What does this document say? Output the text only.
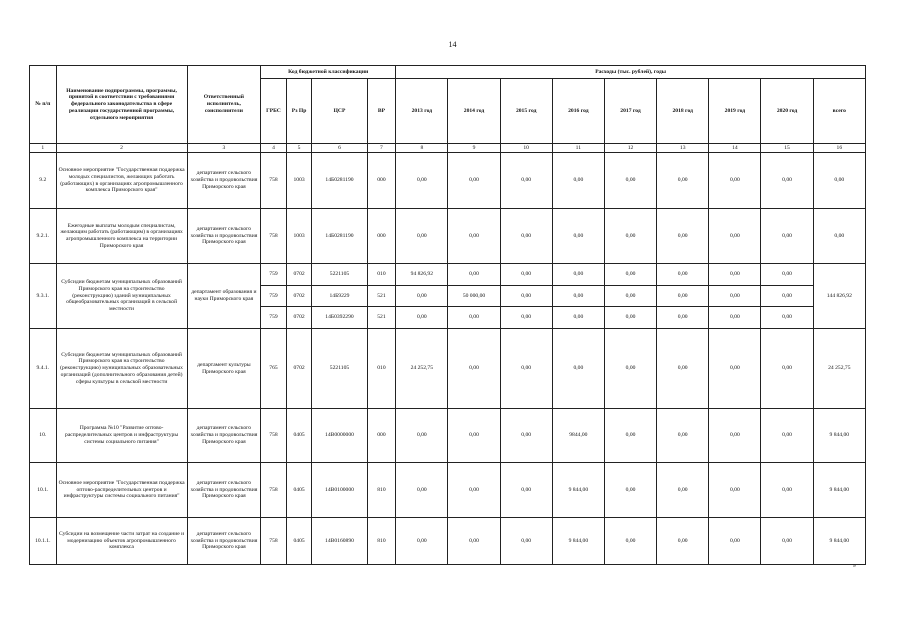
14
№ п/п	Наименование подпрограммы, программы, принятой в соответствии с требованиями федерального законодательства в сфере реализации государственной программы, отдельного мероприятия	Ответственный исполнитель, соисполнители	Код бюджетной классификации				Расходы (тыс. рублей), годы								
			ГРБС	Рз Пр	ЦСР	ВР	2013 год	2014 год	2015 год	2016 год	2017 год	2018 год	2019 год	2020 год	всего
1	2	3	4	5	6	7	8	9	10	11	12	13	14	15	16
9.2	Основное мероприятие "Государственная поддержка молодых специалистов, желающих работать (работающих) в организациях агропромышленного комплекса Приморского края"	департамент сельского хозяйства и продовольствия Приморского края	758	1003	14Б0281190	000	0,00	0,00	0,00	0,00	0,00	0,00	0,00	0,00	0,00
9.2.1.	Ежегодные выплаты молодым специалистам, желающим работать (работающим) в организациях агропромышленного комплекса на территории Приморского края	департамент сельского хозяйства и продовольствия Приморского края	758	1003	14Б0281190	000	0,00	0,00	0,00	0,00	0,00	0,00	0,00	0,00	0,00
9.3.1.	Субсидии бюджетам муниципальных образований Приморского края на строительство (реконструкцию) зданий муниципальных общеобразовательных организаций в сельской местности	департамент образования и науки Приморского края	759	0702	5221105	010	94 826,92	0,00	0,00	0,00	0,00	0,00	0,00	0,00	144 826,92
			759	0702	14Б9229	521	0,00	50 000,00	0,00	0,00	0,00	0,00	0,00	0,00	
			759	0702	14Б0392290	521	0,00	0,00	0,00	0,00	0,00	0,00	0,00	0,00	
9.4.1.	Субсидии бюджетам муниципальных образований Приморского края на строительство (реконструкцию) муниципальных образовательных организаций (дополнительного образования детей) сферы культуры в сельской местности	департамент культуры Приморского края	765	0702	5221105	010	24 252,75	0,00	0,00	0,00	0,00	0,00	0,00	0,00	24 252,75
10.	Программа №10 "Развитие оптово-распределительных центров и инфраструктуры системы социального питания"	департамент сельского хозяйства и продовольствия Приморского края	758	0405	14В0000000	000	0,00	0,00	0,00	9844,00	0,00	0,00	0,00	0,00	9 844,00
10.1.	Основное мероприятие "Государственная поддержка оптово-распределительных центров и инфраструктуры системы социального питания"	департамент сельского хозяйства и продовольствия Приморского края	758	0405	14В0100000	810	0,00	0,00	0,00	9 844,00	0,00	0,00	0,00	0,00	9 844,00
10.1.1.	Субсидии на возмещение части затрат на создание и модернизацию объектов агропромышленного комплекса	департамент сельского хозяйства и продовольствия Приморского края	758	0405	14В0160890	810	0,00	0,00	0,00	9 844,00	0,00	0,00	0,00	0,00	9 844,00
»
